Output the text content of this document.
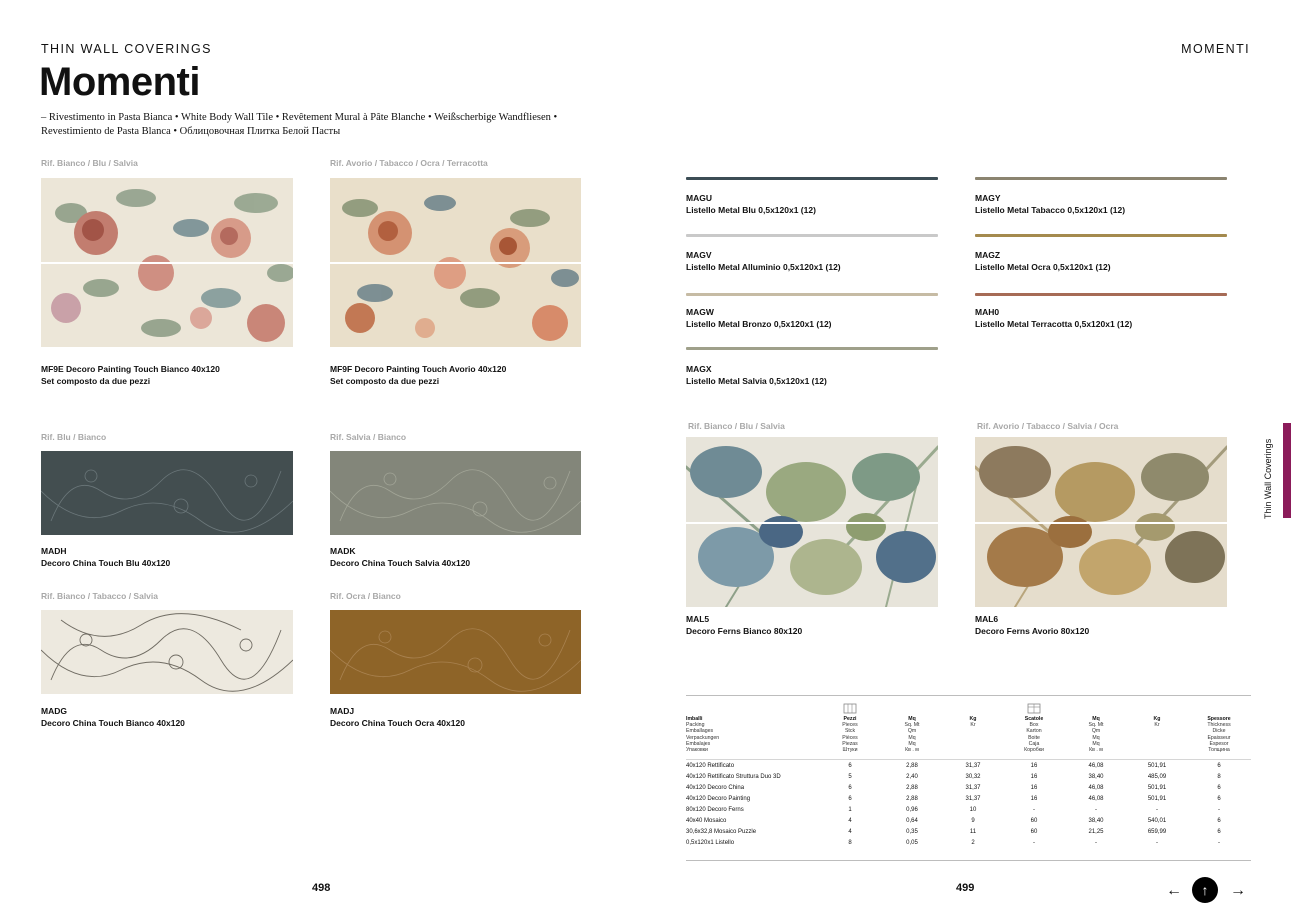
THIN WALL COVERINGS	MOMENTI
Momenti
– Rivestimento in Pasta Bianca • White Body Wall Tile • Revêtement Mural à Pâte Blanche • Weißscherbige Wandfliesen •
Revestimiento de Pasta Blanca • Облицовочная Плитка Белой Пасты
Rif. Bianco / Blu / Salvia
MF9E Decoro Painting Touch Bianco 40x120
Set composto da due pezzi
Rif. Avorio / Tabacco / Ocra / Terracotta
MF9F Decoro Painting Touch Avorio 40x120
Set composto da due pezzi
Rif. Blu / Bianco
MADH
Decoro China Touch Blu 40x120
Rif. Salvia / Bianco
MADK
Decoro China Touch Salvia 40x120
Rif. Bianco / Tabacco / Salvia
MADG
Decoro China Touch Bianco 40x120
Rif. Ocra / Bianco
MADJ
Decoro China Touch Ocra 40x120
498
MAGU
Listello Metal Blu 0,5x120x1 (12)
MAGY
Listello Metal Tabacco 0,5x120x1 (12)
MAGV
Listello Metal Alluminio 0,5x120x1 (12)
MAGZ
Listello Metal Ocra 0,5x120x1 (12)
MAGW
Listello Metal Bronzo 0,5x120x1 (12)
MAH0
Listello Metal Terracotta 0,5x120x1 (12)
MAGX
Listello Metal Salvia 0,5x120x1 (12)
Rif. Bianco / Blu / Salvia
MAL5
Decoro Ferns Bianco 80x120
Rif. Avorio / Tabacco / Salvia / Ocra
MAL6
Decoro Ferns Avorio 80x120
Imballi
Packing
Emballages
Verpackungen
Embalajes
Упаковки

Pezzi
Pieces
Stck
Pièces
Piezas
Штуки

Mq
Sq. Mt
Qm
Mq
Mq
Кв . м

Kg
Kr

Scatole
Box
Karton
Boite
Caja
Коробки

Mq
Sq. Mt
Qm
Mq
Mq
Кв . м

Kg
Kr

Spessore
Thickness
Dicke
Epaisseur
Espesor
Толщина

40x120 Rettificato	6	2,88	31,37	16	46,08	501,91	6
40x120 Rettificato Struttura Duo 3D	5	2,40	30,32	16	38,40	485,09	8
40x120 Decoro China	6	2,88	31,37	16	46,08	501,91	6
40x120 Decoro Painting	6	2,88	31,37	16	46,08	501,91	6
80x120 Decoro Ferns	1	0,96	10	-	-	-	-
40x40 Mosaico	4	0,64	9	60	38,40	540,01	6
30,6x32,8 Mosaico Puzzle	4	0,35	11	60	21,25	659,99	6
0,5x120x1 Listello	8	0,05	2	-	-	-	-
499
Thin Wall Coverings
←	↑	→
